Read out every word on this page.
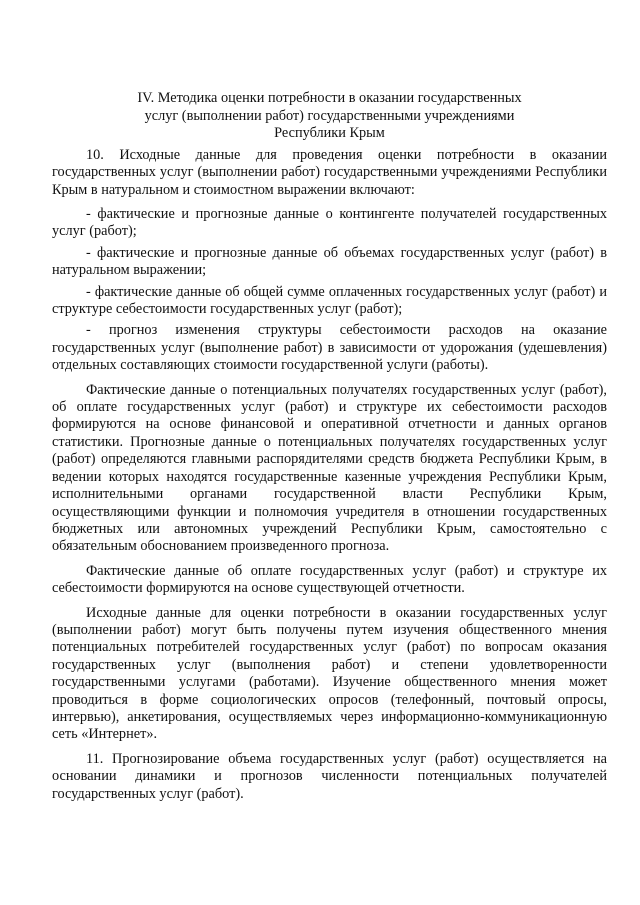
IV. Методика оценки потребности в оказании государственных
услуг (выполнении работ) государственными учреждениями
Республики Крым

10. Исходные данные для проведения оценки потребности в оказании государственных услуг (выполнении работ) государственными учреждениями Республики Крым в натуральном и стоимостном выражении включают:

- фактические и прогнозные данные о контингенте получателей государственных услуг (работ);

- фактические и прогнозные данные об объемах государственных услуг (работ) в натуральном выражении;

- фактические данные об общей сумме оплаченных государственных услуг (работ) и структуре себестоимости государственных услуг (работ);

- прогноз изменения структуры себестоимости расходов на оказание государственных услуг (выполнение работ) в зависимости от удорожания (удешевления) отдельных составляющих стоимости государственной услуги (работы).

Фактические данные о потенциальных получателях государственных услуг (работ), об оплате государственных услуг (работ) и структуре их себестоимости расходов формируются на основе финансовой и оперативной отчетности и данных органов статистики. Прогнозные данные о потенциальных получателях государственных услуг (работ) определяются главными распорядителями средств бюджета Республики Крым, в ведении которых находятся государственные казенные учреждения Республики Крым, исполнительными органами государственной власти Республики Крым, осуществляющими функции и полномочия учредителя в отношении государственных бюджетных или автономных учреждений Республики Крым, самостоятельно с обязательным обоснованием произведенного прогноза.

Фактические данные об оплате государственных услуг (работ) и структуре их себестоимости формируются на основе существующей отчетности.

Исходные данные для оценки потребности в оказании государственных услуг (выполнении работ) могут быть получены путем изучения общественного мнения потенциальных потребителей государственных услуг (работ) по вопросам оказания государственных услуг (выполнения работ) и степени удовлетворенности государственными услугами (работами). Изучение общественного мнения может проводиться в форме социологических опросов (телефонный, почтовый опросы, интервью), анкетирования, осуществляемых через информационно-коммуникационную сеть «Интернет».

11. Прогнозирование объема государственных услуг (работ) осуществляется на основании динамики и прогнозов численности потенциальных получателей государственных услуг (работ).
